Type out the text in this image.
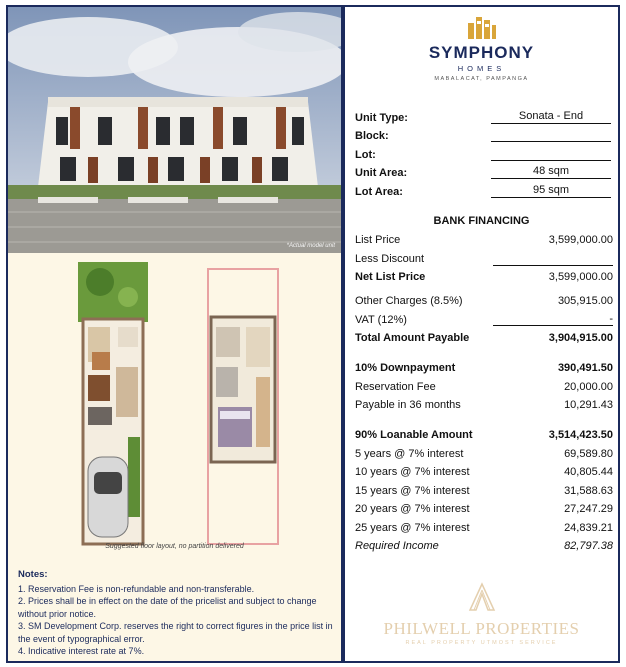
*Actual model unit
Suggested floor layout, no partition delivered
Notes:
1. Reservation Fee is non-refundable and non-transferable.
2. Prices shall be in effect on the date of the pricelist and subject to change without prior notice.
3. SM Development Corp. reserves the right to correct figures in the price list in the event of typographical error.
4. Indicative interest rate at 7%.
SYMPHONY
HOMES
MABALACAT, PAMPANGA
Unit Type:	Sonata - End
Block:
Lot:
Unit Area:	48 sqm
Lot Area:	95 sqm
BANK FINANCING
List Price	3,599,000.00
Less Discount
Net List Price	3,599,000.00
Other Charges (8.5%)	305,915.00
VAT (12%)	-
Total Amount Payable	3,904,915.00
10% Downpayment	390,491.50
Reservation Fee	20,000.00
Payable in 36 months	10,291.43
90% Loanable Amount	3,514,423.50
5 years @ 7% interest	69,589.80
10 years @ 7% interest	40,805.44
15 years @ 7% interest	31,588.63
20 years @ 7% interest	27,247.29
25 years @ 7% interest	24,839.21
Required Income	82,797.38
PHILWELL PROPERTIES
REAL PROPERTY UTMOST SERVICE
